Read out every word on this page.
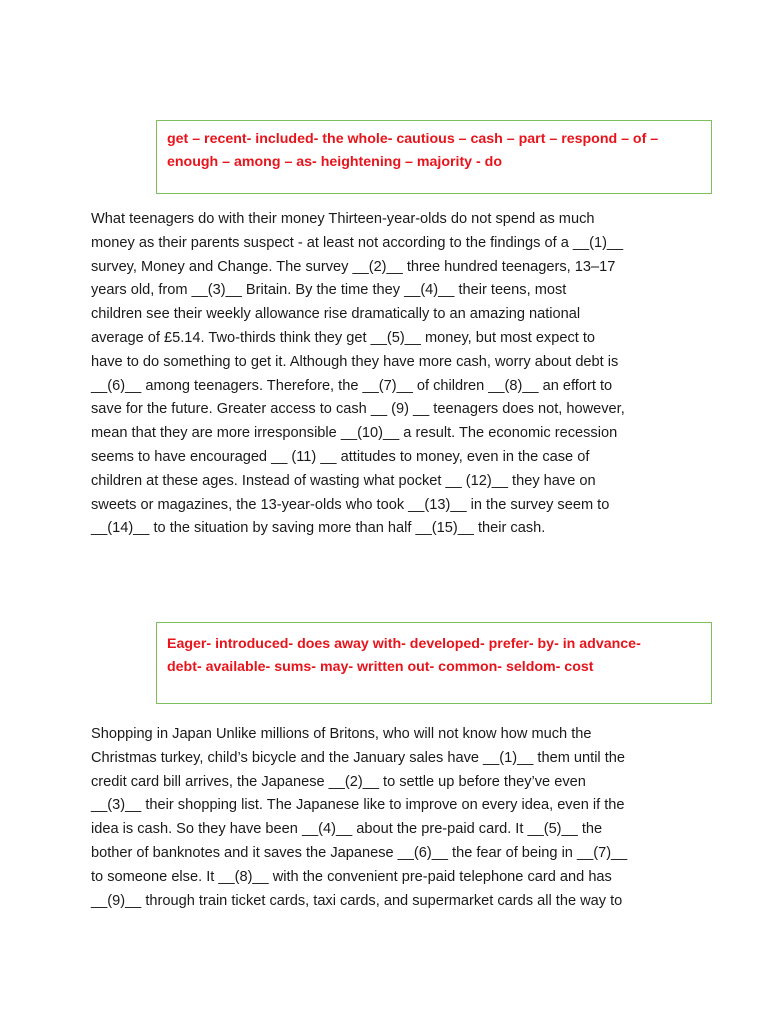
get – recent- included- the whole- cautious – cash – part – respond – of –

enough – among – as- heightening – majority - do

What teenagers do with their money Thirteen-year-olds do not spend as much
money as their parents suspect - at least not according to the findings of a __(1)__
survey, Money and Change. The survey __(2)__ three hundred teenagers, 13–17
years old, from __(3)__ Britain. By the time they __(4)__ their teens, most
children see their weekly allowance rise dramatically to an amazing national
average of £5.14. Two-thirds think they get __(5)__ money, but most expect to
have to do something to get it. Although they have more cash, worry about debt is
__(6)__ among teenagers. Therefore, the __(7)__ of children __(8)__ an effort to
save for the future. Greater access to cash __ (9) __ teenagers does not, however,
mean that they are more irresponsible __(10)__ a result. The economic recession
seems to have encouraged __ (11) __ attitudes to money, even in the case of
children at these ages. Instead of wasting what pocket __ (12)__ they have on
sweets or magazines, the 13-year-olds who took __(13)__ in the survey seem to
__(14)__ to the situation by saving more than half __(15)__ their cash.

Eager- introduced- does away with- developed- prefer- by- in advance-

debt- available- sums- may- written out- common- seldom- cost

Shopping in Japan Unlike millions of Britons, who will not know how much the
Christmas turkey, child’s bicycle and the January sales have __(1)__ them until the
credit card bill arrives, the Japanese __(2)__ to settle up before they’ve even
__(3)__ their shopping list. The Japanese like to improve on every idea, even if the
idea is cash. So they have been __(4)__ about the pre-paid card. It __(5)__ the
bother of banknotes and it saves the Japanese __(6)__ the fear of being in __(7)__
to someone else. It __(8)__ with the convenient pre-paid telephone card and has
__(9)__ through train ticket cards, taxi cards, and supermarket cards all the way to
